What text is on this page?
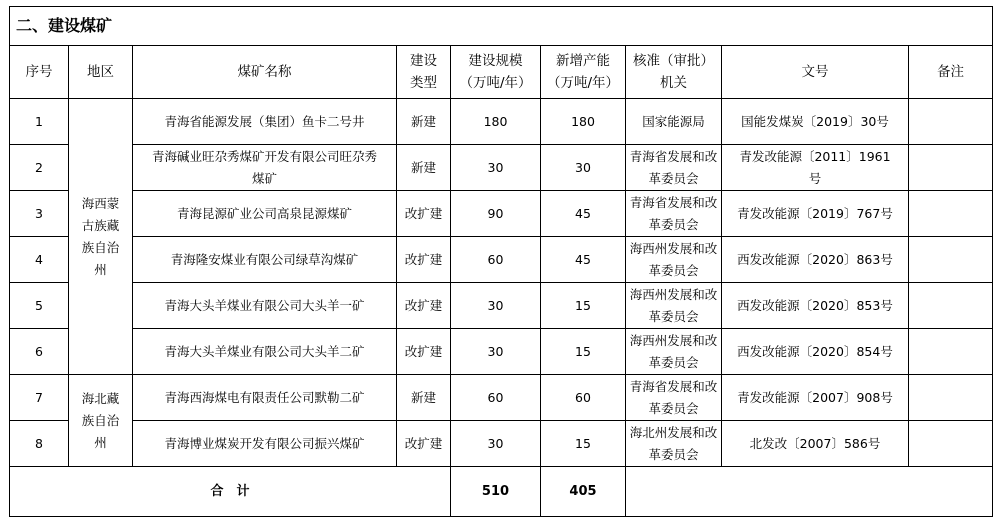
二、建设煤矿								
序号	地区	煤矿名称	建设
类型	建设规模
（万吨/年）	新增产能
（万吨/年）	核准（审批）
机关	文号	备注
1	海西蒙
古族藏
族自治
州	青海省能源发展（集团）鱼卡二号井	新建	180	180	国家能源局	国能发煤炭〔2019〕30号	

2		青海碱业旺尕秀煤矿开发有限公司旺尕秀
煤矿	新建	30	30	青海省发展和改
革委员会	青发改能源〔2011〕1961
号	

3		青海昆源矿业公司高泉昆源煤矿	改扩建	90	45	青海省发展和改
革委员会	青发改能源〔2019〕767号	

4		青海隆安煤业有限公司绿草沟煤矿	改扩建	60	45	海西州发展和改
革委员会	西发改能源〔2020〕863号	

5		青海大头羊煤业有限公司大头羊一矿	改扩建	30	15	海西州发展和改
革委员会	西发改能源〔2020〕853号	

6		青海大头羊煤业有限公司大头羊二矿	改扩建	30	15	海西州发展和改
革委员会	西发改能源〔2020〕854号	

7	海北藏
族自治
州	青海西海煤电有限责任公司默勒二矿	新建	60	60	青海省发展和改
革委员会	青发改能源〔2007〕908号	

8		青海博业煤炭开发有限公司振兴煤矿	改扩建	30	15	海北州发展和改
革委员会	北发改〔2007〕586号	

合　计				510	405			
